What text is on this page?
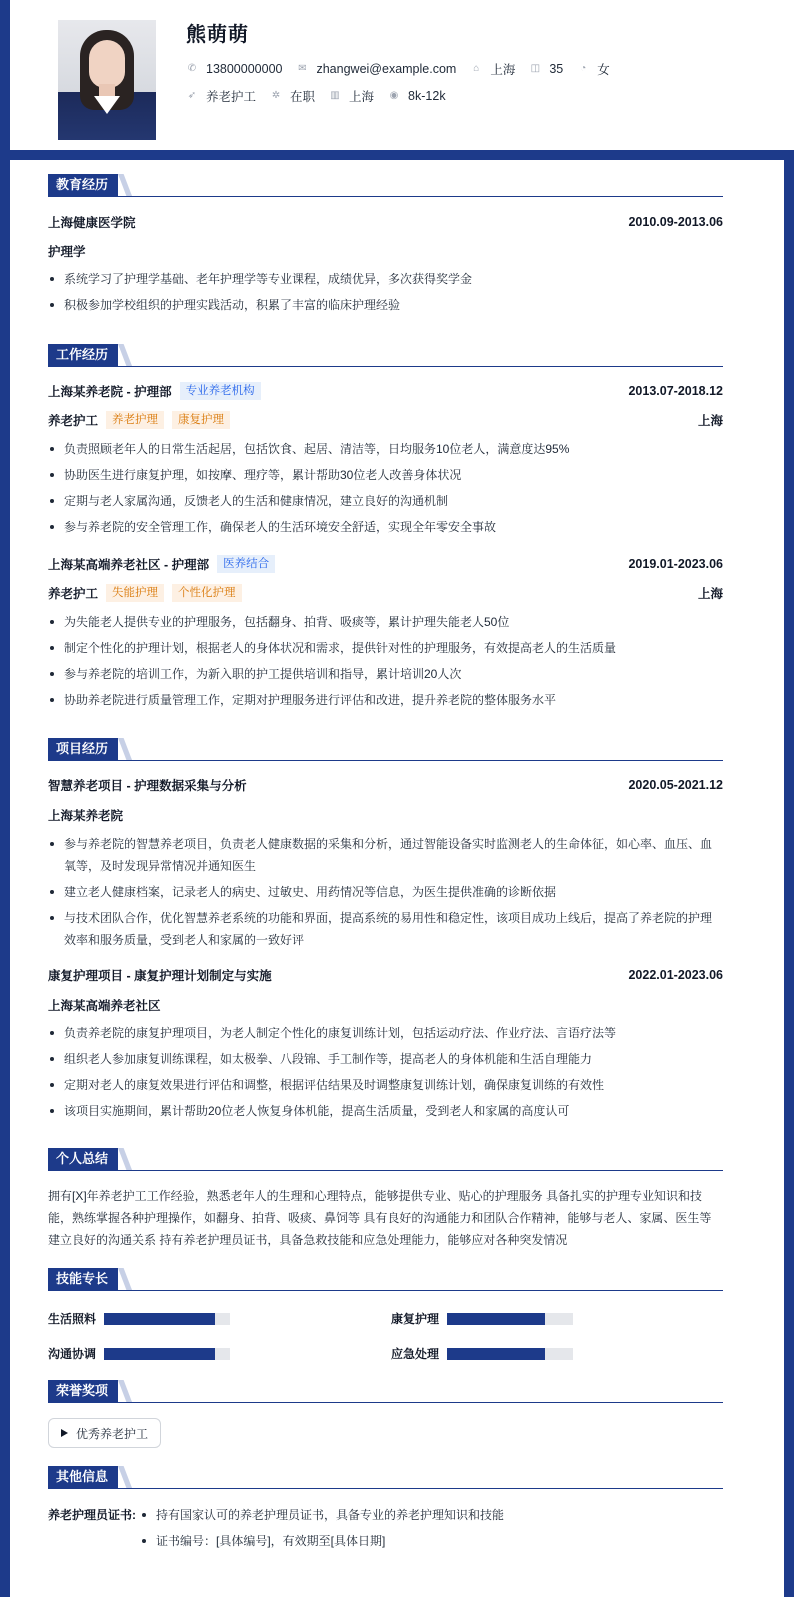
熊萌萌
✆ 13800000000 ✉ zhangwei@example.com ⌂ 上海 ◫ 35 ◔ 女
➶ 养老护工 ✲ 在职 ▥ 上海 ◉ 8k-12k
教育经历
上海健康医学院	2010.09-2013.06
护理学
系统学习了护理学基础、老年护理学等专业课程，成绩优异，多次获得奖学金
积极参加学校组织的护理实践活动，积累了丰富的临床护理经验
工作经历
上海某养老院 - 护理部	专业养老机构	2013.07-2018.12
养老护工	养老护理	康复护理	上海
负责照顾老年人的日常生活起居，包括饮食、起居、清洁等，日均服务10位老人，满意度达95%
协助医生进行康复护理，如按摩、理疗等，累计帮助30位老人改善身体状况
定期与老人家属沟通，反馈老人的生活和健康情况，建立良好的沟通机制
参与养老院的安全管理工作，确保老人的生活环境安全舒适，实现全年零安全事故
上海某高端养老社区 - 护理部	医养结合	2019.01-2023.06
养老护工	失能护理	个性化护理	上海
为失能老人提供专业的护理服务，包括翻身、拍背、吸痰等，累计护理失能老人50位
制定个性化的护理计划，根据老人的身体状况和需求，提供针对性的护理服务，有效提高老人的生活质量
参与养老院的培训工作，为新入职的护工提供培训和指导，累计培训20人次
协助养老院进行质量管理工作，定期对护理服务进行评估和改进，提升养老院的整体服务水平
项目经历
智慧养老项目 - 护理数据采集与分析	2020.05-2021.12
上海某养老院
参与养老院的智慧养老项目，负责老人健康数据的采集和分析，通过智能设备实时监测老人的生命体征，如心率、血压、血氧等，及时发现异常情况并通知医生
建立老人健康档案，记录老人的病史、过敏史、用药情况等信息，为医生提供准确的诊断依据
与技术团队合作，优化智慧养老系统的功能和界面，提高系统的易用性和稳定性，该项目成功上线后，提高了养老院的护理效率和服务质量，受到老人和家属的一致好评
康复护理项目 - 康复护理计划制定与实施	2022.01-2023.06
上海某高端养老社区
负责养老院的康复护理项目，为老人制定个性化的康复训练计划，包括运动疗法、作业疗法、言语疗法等
组织老人参加康复训练课程，如太极拳、八段锦、手工制作等，提高老人的身体机能和生活自理能力
定期对老人的康复效果进行评估和调整，根据评估结果及时调整康复训练计划，确保康复训练的有效性
该项目实施期间，累计帮助20位老人恢复身体机能，提高生活质量，受到老人和家属的高度认可
个人总结
拥有[X]年养老护工工作经验，熟悉老年人的生理和心理特点，能够提供专业、贴心的护理服务 具备扎实的护理专业知识和技能，熟练掌握各种护理操作，如翻身、拍背、吸痰、鼻饲等 具有良好的沟通能力和团队合作精神，能够与老人、家属、医生等建立良好的沟通关系 持有养老护理员证书，具备急救技能和应急处理能力，能够应对各种突发情况
技能专长
生活照料	康复护理
沟通协调	应急处理
荣誉奖项
优秀养老护工
其他信息
养老护理员证书:	持有国家认可的养老护理员证书，具备专业的养老护理知识和技能
证书编号：[具体编号]，有效期至[具体日期]
